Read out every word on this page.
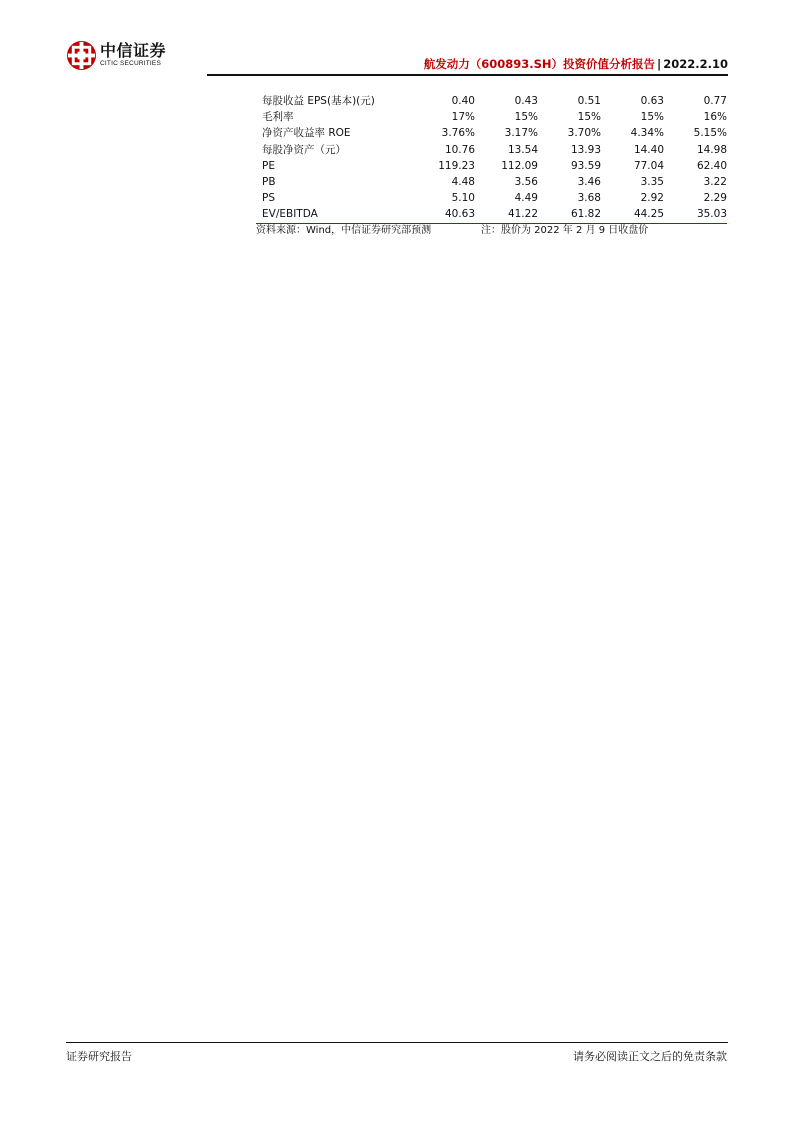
中信证券
CITIC SECURITIES	航发动力（600893.SH）投资价值分析报告 | 2022.2.10
每股收益 EPS(基本)(元)	0.40	0.43	0.51	0.63	0.77
毛利率	17%	15%	15%	15%	16%
净资产收益率 ROE	3.76%	3.17%	3.70%	4.34%	5.15%
每股净资产（元）	10.76	13.54	13.93	14.40	14.98
PE	119.23	112.09	93.59	77.04	62.40
PB	4.48	3.56	3.46	3.35	3.22
PS	5.10	4.49	3.68	2.92	2.29
EV/EBITDA	40.63	41.22	61.82	44.25	35.03
资料来源：Wind，中信证券研究部预测	注：股价为 2022 年 2 月 9 日收盘价
证券研究报告	请务必阅读正文之后的免责条款
